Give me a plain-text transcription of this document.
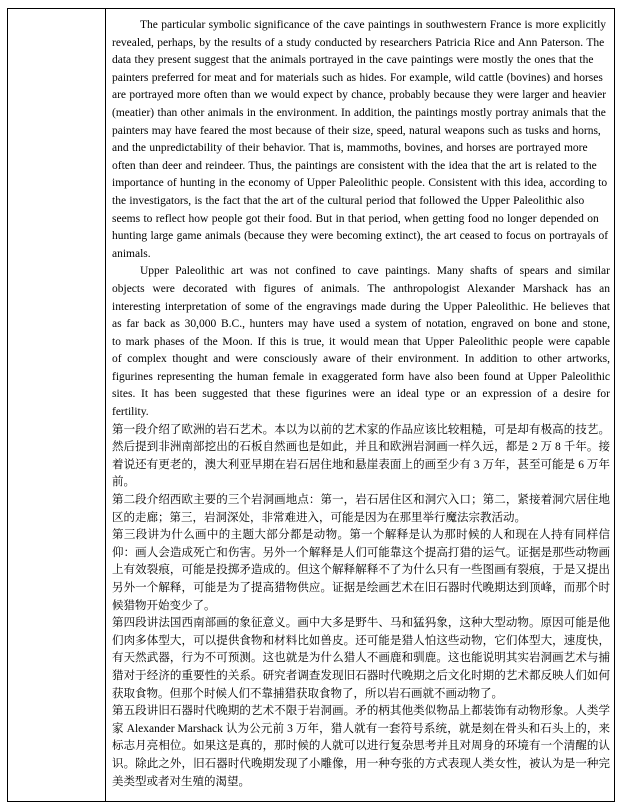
The particular symbolic significance of the cave paintings in southwestern France is more explicitly revealed, perhaps, by the results of a study conducted by researchers Patricia Rice and Ann Paterson. The data they present suggest that the animals portrayed in the cave paintings were mostly the ones that the painters preferred for meat and for materials such as hides. For example, wild cattle (bovines) and horses are portrayed more often than we would expect by chance, probably because they were larger and heavier (meatier) than other animals in the environment. In addition, the paintings mostly portray animals that the painters may have feared the most because of their size, speed, natural weapons such as tusks and horns, and the unpredictability of their behavior. That is, mammoths, bovines, and horses are portrayed more often than deer and reindeer. Thus, the paintings are consistent with the idea that the art is related to the importance of hunting in the economy of Upper Paleolithic people. Consistent with this idea, according to the investigators, is the fact that the art of the cultural period that followed the Upper Paleolithic also seems to reflect how people got their food. But in that period, when getting food no longer depended on hunting large game animals (because they were becoming extinct), the art ceased to focus on portrayals of animals.

Upper Paleolithic art was not confined to cave paintings. Many shafts of spears and similar objects were decorated with figures of animals. The anthropologist Alexander Marshack has an interesting interpretation of some of the engravings made during the Upper Paleolithic. He believes that as far back as 30,000 B.C., hunters may have used a system of notation, engraved on bone and stone, to mark phases of the Moon. If this is true, it would mean that Upper Paleolithic people were capable of complex thought and were consciously aware of their environment. In addition to other artworks, figurines representing the human female in exaggerated form have also been found at Upper Paleolithic sites. It has been suggested that these figurines were an ideal type or an expression of a desire for fertility.

第一段介绍了欧洲的岩石艺术。本以为以前的艺术家的作品应该比较粗糙，可是却有极高的技艺。然后提到非洲南部挖出的石板自然画也是如此，并且和欧洲岩洞画一样久远，都是 2 万 8 千年。接着说还有更老的，澳大利亚早期在岩石居住地和悬崖表面上的画至少有 3 万年，甚至可能是 6 万年前。

第二段介绍西欧主要的三个岩洞画地点：第一，岩石居住区和洞穴入口；第二，紧接着洞穴居住地区的走廊；第三，岩洞深处，非常难进入，可能是因为在那里举行魔法宗教活动。

第三段讲为什么画中的主题大部分都是动物。第一个解释是认为那时候的人和现在人持有同样信仰：画人会造成死亡和伤害。另外一个解释是人们可能靠这个提高打猎的运气。证据是那些动物画上有效裂痕，可能是投掷矛造成的。但这个解释解释不了为什么只有一些图画有裂痕，于是又提出另外一个解释，可能是为了提高猎物供应。证据是绘画艺术在旧石器时代晚期达到顶峰，而那个时候猎物开始变少了。

第四段讲法国西南部画的象征意义。画中大多是野牛、马和猛犸象，这种大型动物。原因可能是他们肉多体型大，可以提供食物和材料比如兽皮。还可能是猎人怕这些动物，它们体型大，速度快，有天然武器，行为不可预测。这也就是为什么猎人不画鹿和驯鹿。这也能说明其实岩洞画艺术与捕猎对于经济的重要性的关系。研究者调查发现旧石器时代晚期之后文化时期的艺术都反映人们如何获取食物。但那个时候人们不靠捕猎获取食物了，所以岩石画就不画动物了。

第五段讲旧石器时代晚期的艺术不限于岩洞画。矛的柄其他类似物品上都装饰有动物形象。人类学家 Alexander Marshack 认为公元前 3 万年，猎人就有一套符号系统，就是刻在骨头和石头上的，来标志月亮相位。如果这是真的，那时候的人就可以进行复杂思考并且对周身的环境有一个清醒的认识。除此之外，旧石器时代晚期发现了小雕像，用一种夸张的方式表现人类女性，被认为是一种完美类型或者对生殖的渴望。
